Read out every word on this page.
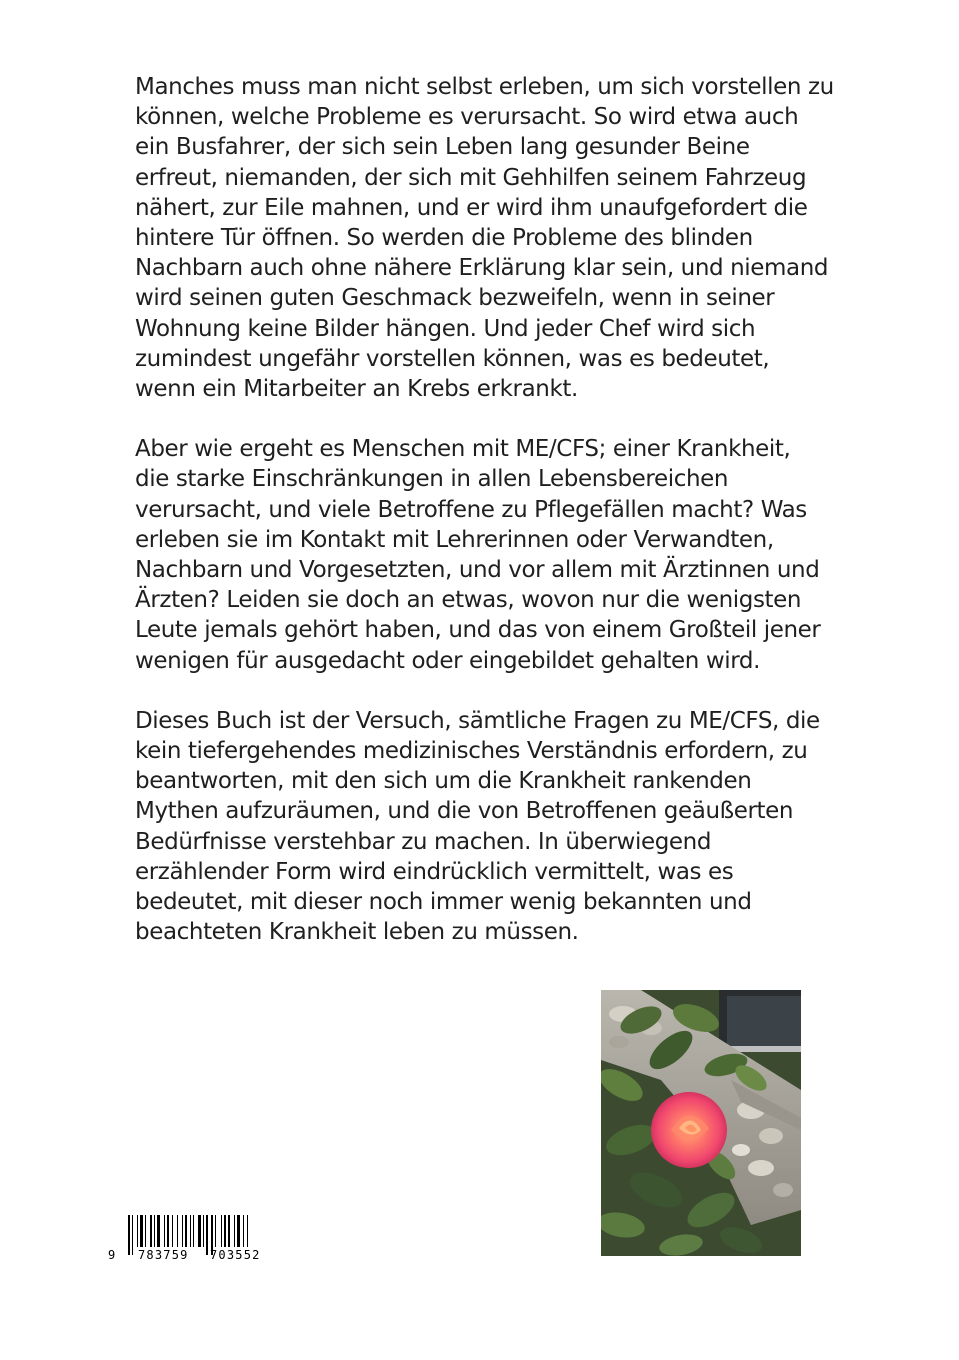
Manches muss man nicht selbst erleben, um sich vorstellen zu
können, welche Probleme es verursacht. So wird etwa auch
ein Busfahrer, der sich sein Leben lang gesunder Beine
erfreut, niemanden, der sich mit Gehhilfen seinem Fahrzeug
nähert, zur Eile mahnen, und er wird ihm unaufgefordert die
hintere Tür öffnen. So werden die Probleme des blinden
Nachbarn auch ohne nähere Erklärung klar sein, und niemand
wird seinen guten Geschmack bezweifeln, wenn in seiner
Wohnung keine Bilder hängen. Und jeder Chef wird sich
zumindest ungefähr vorstellen können, was es bedeutet,
wenn ein Mitarbeiter an Krebs erkrankt.

Aber wie ergeht es Menschen mit ME/CFS; einer Krankheit,
die starke Einschränkungen in allen Lebensbereichen
verursacht, und viele Betroffene zu Pflegefällen macht? Was
erleben sie im Kontakt mit Lehrerinnen oder Verwandten,
Nachbarn und Vorgesetzten, und vor allem mit Ärztinnen und
Ärzten? Leiden sie doch an etwas, wovon nur die wenigsten
Leute jemals gehört haben, und das von einem Großteil jener
wenigen für ausgedacht oder eingebildet gehalten wird.

Dieses Buch ist der Versuch, sämtliche Fragen zu ME/CFS, die
kein tiefergehendes medizinisches Verständnis erfordern, zu
beantworten, mit den sich um die Krankheit rankenden
Mythen aufzuräumen, und die von Betroffenen geäußerten
Bedürfnisse verstehbar zu machen. In überwiegend
erzählender Form wird eindrücklich vermittelt, was es
bedeutet, mit dieser noch immer wenig bekannten und
beachteten Krankheit leben zu müssen.

9 783759 703552
